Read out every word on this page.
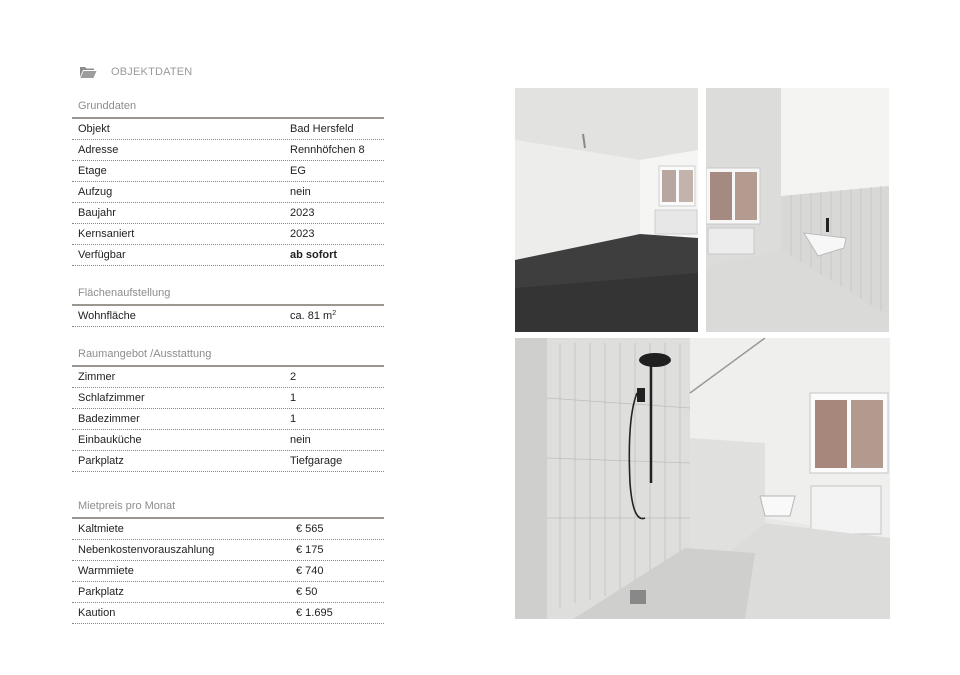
OBJEKTDATEN
Grunddaten
Objekt	Bad Hersfeld
Adresse	Rennhöfchen 8
Etage	EG
Aufzug	nein
Baujahr	2023
Kernsaniert	2023
Verfügbar	ab sofort
Flächenaufstellung
Wohnfläche	ca. 81 $m^2$
Raumangebot /Ausstattung
Zimmer	2
Schlafzimmer	1
Badezimmer	1
Einbauküche	nein
Parkplatz	Tiefgarage
Mietpreis pro Monat
Kaltmiete	€ 565
Nebenkostenvorauszahlung	€ 175
Warmmiete	€ 740
Parkplatz	€ 50
Kaution	€ 1.695
